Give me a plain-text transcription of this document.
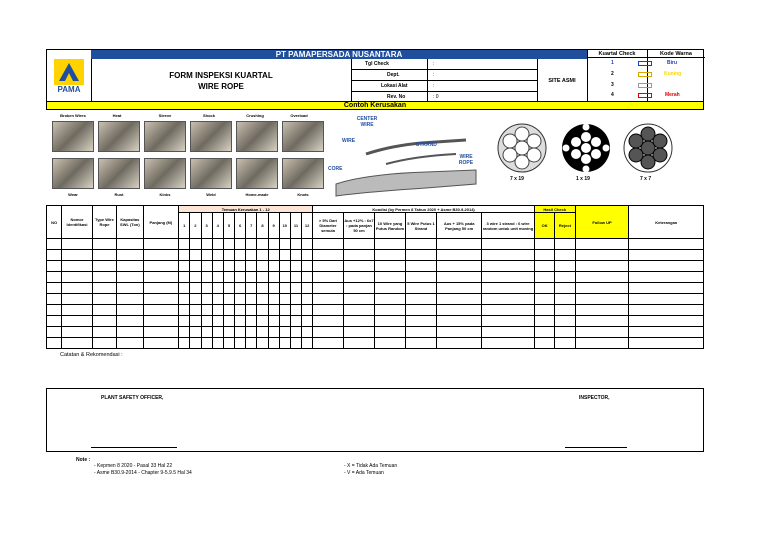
PAMA
PT PAMAPERSADA NUSANTARA
FORM INSPEKSI KUARTAL
WIRE ROPE
Tgl Check	:
Dept.	:
Lokasi Alat	:
Rev. No	: 0
SITE ASMI
Kuartal Check	Kode Warna
1	Biru
2	Kuning
3	Putih
4	Merah
Contoh Kerusakan
Broken Wires	Heat	Sleeve	Shock	Crushing	Overload
Wear	Rust	Kinks	Weld	Home-made	Knots
CENTER WIRE
WIRE
STRAND
WIRE ROPE
CORE
7 x 19	1 x 19	7 x 7
NO	Nomor Identifikasi	Type Wire Rope	Kapasitas SWL (Ton)	Panjang (M)	Temuan Kerusakan 1 - 12												Kondisi (by Permen 8 Tahun 2020 + Asme B30.9-2014)						Hasil Check		Follow UP	Keterangan
					1	2	3	4	5	6	7	8	9	10	11	12	> 5% Dari Diameter semula	Aus +12% : 6x7 : pada panjan 50 cm	10 Wire yang Putus Random	5 Wire Putus 1 Strand	Aus + 15% pada Panjang 50 cm	3 wire 1 strand : 6 wire random untuk unit moving	OK	Reject		

Catatan & Rekomendasi :
PLANT SAFETY OFFICER,	INSPECTOR,
Note :
- Kepmen 8 2020 - Pasal 33 Hal 22
- Asme B30.9-2014 - Chapter 9-5.9.5 Hal 34
- X = Tidak Ada Temuan
- V = Ada Temuan
